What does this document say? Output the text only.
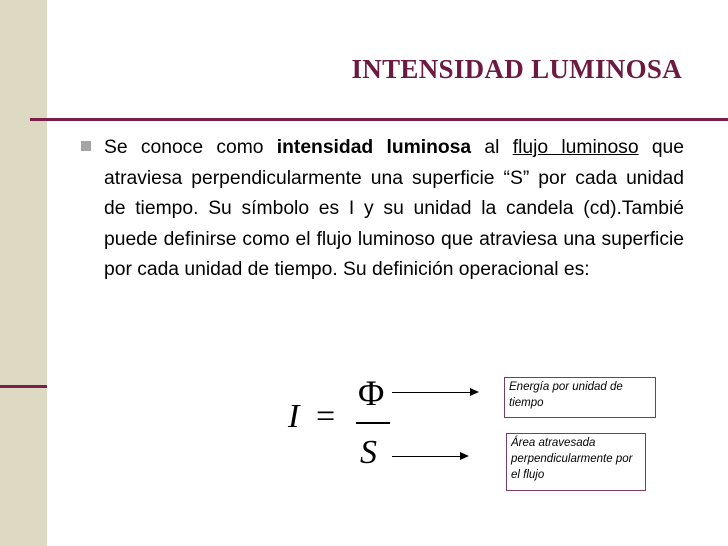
INTENSIDAD LUMINOSA

Se conoce como intensidad luminosa al flujo luminoso que atraviesa perpendicularmente una superficie “S” por cada unidad de tiempo. Su símbolo es I y su unidad la candela (cd).Tambié puede definirse como el flujo luminoso que atraviesa una superficie por cada unidad de tiempo. Su definición operacional es:

I =
Φ
S
Energía por unidad de tiempo
Área atravesada perpendicularmente por el flujo
